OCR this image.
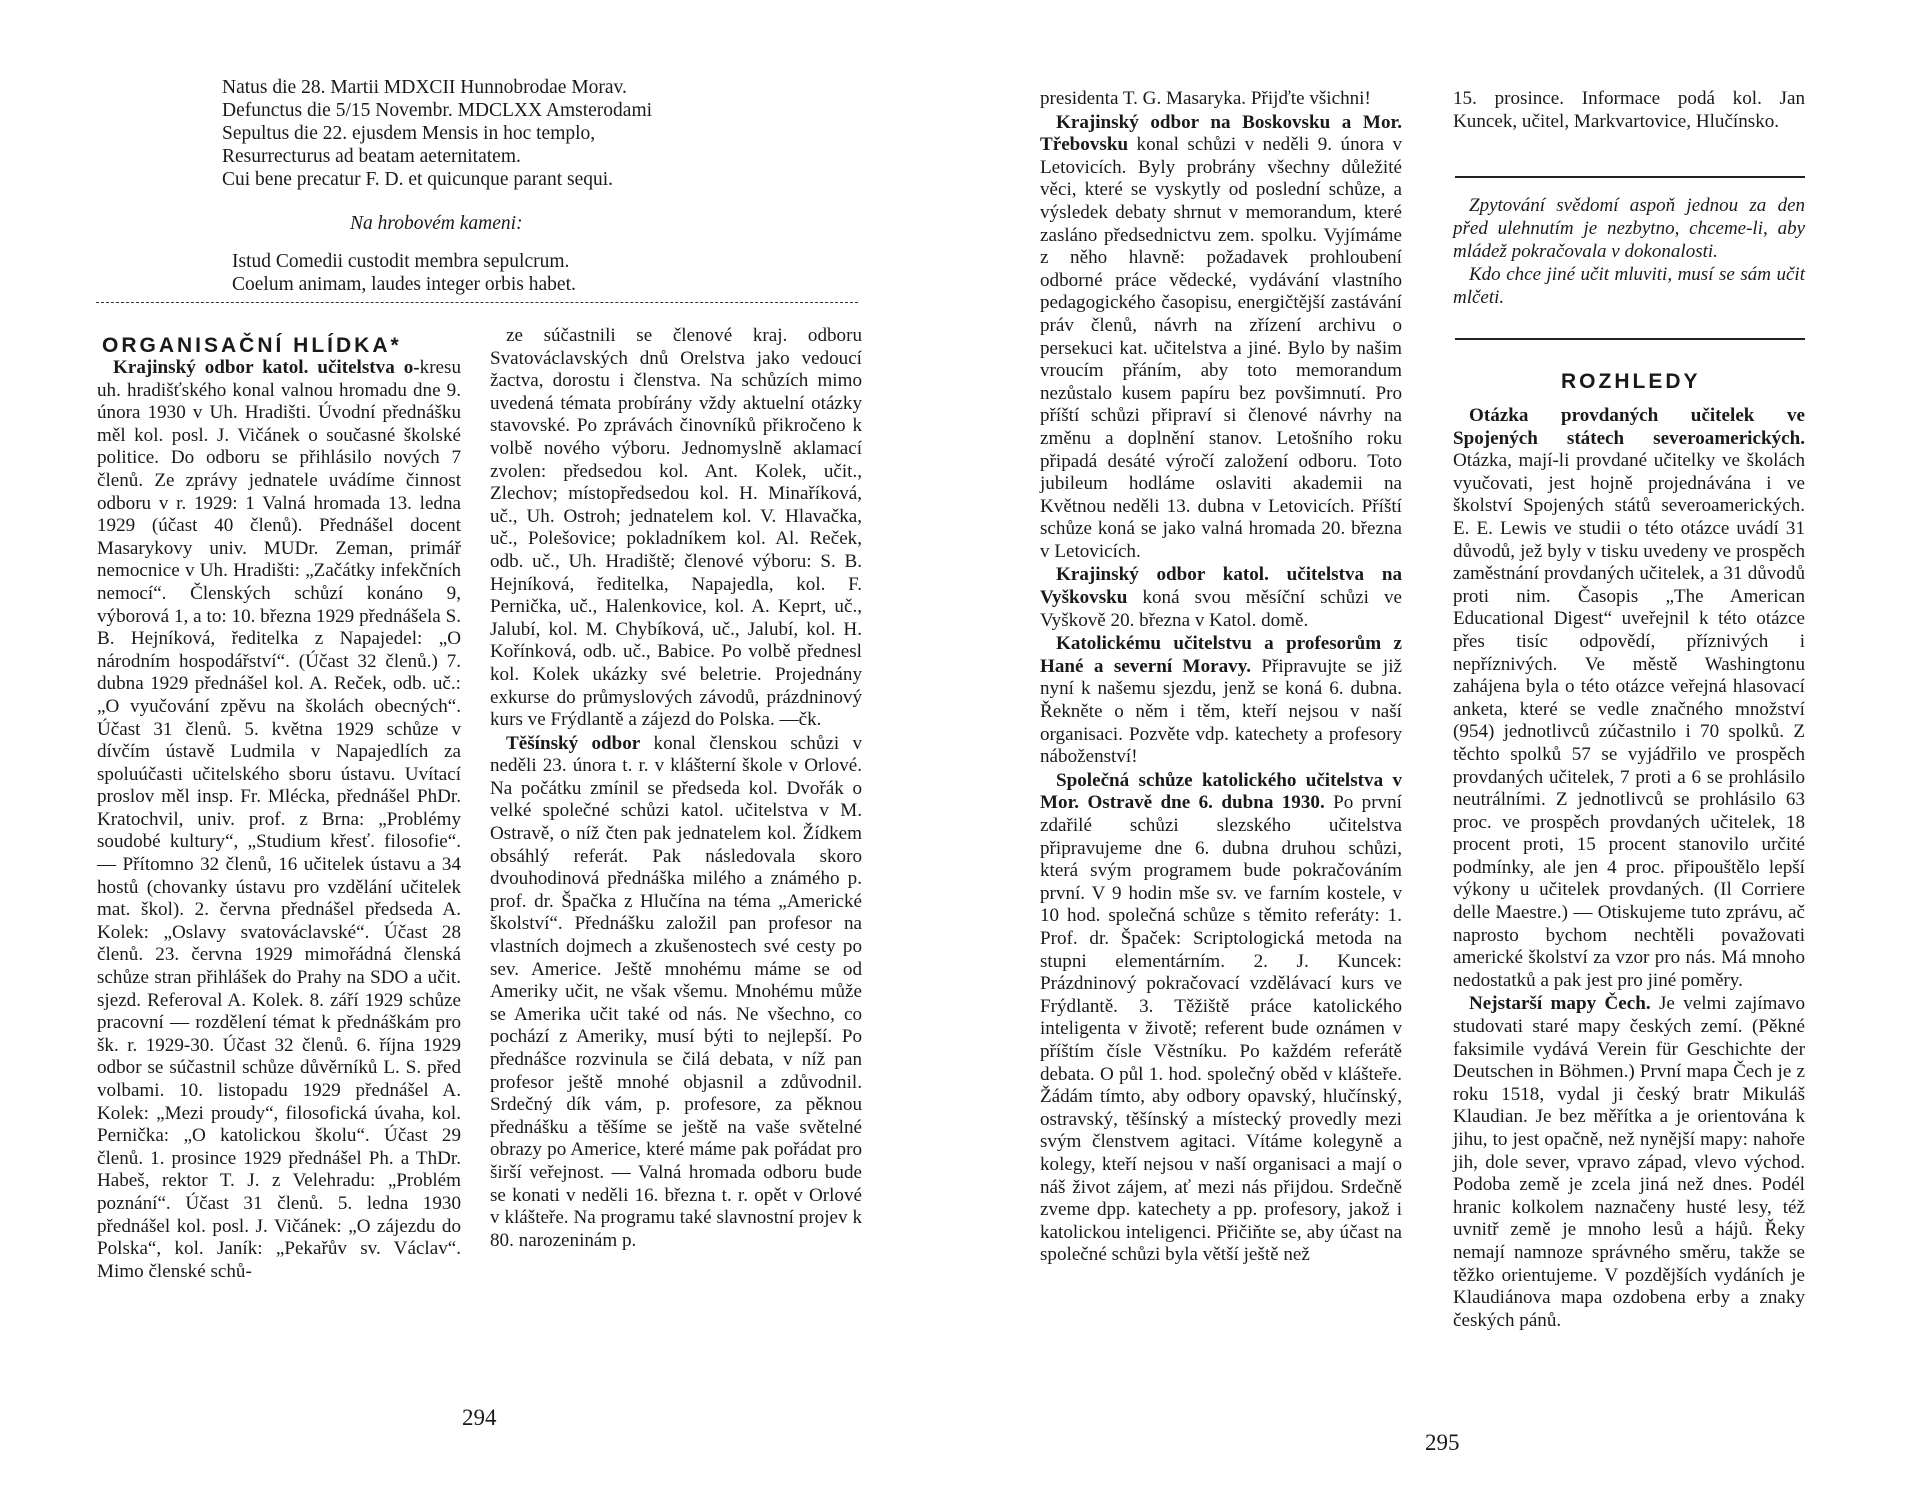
Natus die 28. Martii MDXCII Hunnobrodae Morav.
Defunctus die 5/15 Novembr. MDCLXX Amsterodami
Sepultus die 22. ejusdem Mensis in hoc templo,
Resurrecturus ad beatam aeternitatem.
Cui bene precatur F. D. et quicunque parant sequi.
Na hrobovém kameni:
Istud Comedii custodit membra sepulcrum.
Coelum animam, laudes integer orbis habet.
ORGANISAČNÍ HLÍDKA*

Krajinský odbor katol. učitelstva o-kresu uh. hradišťského konal valnou hromadu dne 9. února 1930 v Uh. Hradišti. Úvodní přednášku měl kol. posl. J. Vičánek o současné školské politice. Do odboru se přihlásilo nových 7 členů. Ze zprávy jednatele uvádíme činnost odboru v r. 1929: 1 Valná hromada 13. ledna 1929 (účast 40 členů). Přednášel docent Masarykovy univ. MUDr. Zeman, primář nemocnice v Uh. Hradišti: „Začátky infekčních nemocí“. Členských schůzí konáno 9, výborová 1, a to: 10. března 1929 přednášela S. B. Hejníková, ředitelka z Napajedel: „O národním hospodářství“. (Účast 32 členů.) 7. dubna 1929 přednášel kol. A. Reček, odb. uč.: „O vyučování zpěvu na školách obecných“. Účast 31 členů. 5. května 1929 schůze v dívčím ústavě Ludmila v Napajedlích za spoluúčasti učitelského sboru ústavu. Uvítací proslov měl insp. Fr. Mlécka, přednášel PhDr. Kratochvil, univ. prof. z Brna: „Problémy soudobé kultury“, „Studium křesť. filosofie“. — Přítomno 32 členů, 16 učitelek ústavu a 34 hostů (chovanky ústavu pro vzdělání učitelek mat. škol). 2. června přednášel předseda A. Kolek: „Oslavy svatováclavské“. Účast 28 členů. 23. června 1929 mimořádná členská schůze stran přihlášek do Prahy na SDO a učit. sjezd. Referoval A. Kolek. 8. září 1929 schůze pracovní — rozdělení témat k přednáškám pro šk. r. 1929-30. Účast 32 členů. 6. října 1929 odbor se súčastnil schůze důvěrníků L. S. před volbami. 10. listopadu 1929 přednášel A. Kolek: „Mezi proudy“, filosofická úvaha, kol. Pernička: „O katolickou školu“. Účast 29 členů. 1. prosince 1929 přednášel Ph. a ThDr. Habeš, rektor T. J. z Velehradu: „Problém poznání“. Účast 31 členů. 5. ledna 1930 přednášel kol. posl. J. Vičánek: „O zájezdu do Polska“, kol. Janík: „Pekařův sv. Václav“. Mimo členské schů-

ze súčastnili se členové kraj. odboru Svatováclavských dnů Orelstva jako vedoucí žactva, dorostu i členstva. Na schůzích mimo uvedená témata probírány vždy aktuelní otázky stavovské. Po zprávách činovníků přikročeno k volbě nového výboru. Jednomyslně aklamací zvolen: předsedou kol. Ant. Kolek, učit., Zlechov; místopředsedou kol. H. Minaříková, uč., Uh. Ostroh; jednatelem kol. V. Hlavačka, uč., Polešovice; pokladníkem kol. Al. Reček, odb. uč., Uh. Hradiště; členové výboru: S. B. Hejníková, ředitelka, Napajedla, kol. F. Pernička, uč., Halenkovice, kol. A. Keprt, uč., Jalubí, kol. M. Chybíková, uč., Jalubí, kol. H. Kořínková, odb. uč., Babice. Po volbě přednesl kol. Kolek ukázky své beletrie. Projednány exkurse do průmyslových závodů, prázdninový kurs ve Frýdlantě a zájezd do Polska. —čk.

Těšínský odbor konal členskou schůzi v neděli 23. února t. r. v klášterní škole v Orlové. Na počátku zmínil se předseda kol. Dvořák o velké společné schůzi katol. učitelstva v M. Ostravě, o níž čten pak jednatelem kol. Žídkem obsáhlý referát. Pak následovala skoro dvouhodinová přednáška milého a známého p. prof. dr. Špačka z Hlučína na téma „Americké školství“. Přednášku založil pan profesor na vlastních dojmech a zkušenostech své cesty po sev. Americe. Ještě mnohému máme se od Ameriky učit, ne však všemu. Mnohému může se Amerika učit také od nás. Ne všechno, co pochází z Ameriky, musí býti to nejlepší. Po přednášce rozvinula se čilá debata, v níž pan profesor ještě mnohé objasnil a zdůvodnil. Srdečný dík vám, p. profesore, za pěknou přednášku a těšíme se ještě na vaše světelné obrazy po Americe, které máme pak pořádat pro širší veřejnost. — Valná hromada odboru bude se konati v neděli 16. března t. r. opět v Orlové v klášteře. Na programu také slavnostní projev k 80. narozeninám p.

294

presidenta T. G. Masaryka. Přijďte všichni!

Krajinský odbor na Boskovsku a Mor. Třebovsku konal schůzi v neděli 9. února v Letovicích. Byly probrány všechny důležité věci, které se vyskytly od poslední schůze, a výsledek debaty shrnut v memorandum, které zasláno předsednictvu zem. spolku. Vyjímáme z něho hlavně: požadavek prohloubení odborné práce vědecké, vydávání vlastního pedagogického časopisu, energičtější zastávání práv členů, návrh na zřízení archivu o persekuci kat. učitelstva a jiné. Bylo by našim vroucím přáním, aby toto memorandum nezůstalo kusem papíru bez povšimnutí. Pro příští schůzi připraví si členové návrhy na změnu a doplnění stanov. Letošního roku připadá desáté výročí založení odboru. Toto jubileum hodláme oslaviti akademii na Květnou neděli 13. dubna v Letovicích. Příští schůze koná se jako valná hromada 20. března v Letovicích.

Krajinský odbor katol. učitelstva na Vyškovsku koná svou měsíční schůzi ve Vyškově 20. března v Katol. domě.

Katolickému učitelstvu a profesorům z Hané a severní Moravy. Připravujte se již nyní k našemu sjezdu, jenž se koná 6. dubna. Řekněte o něm i těm, kteří nejsou v naší organisaci. Pozvěte vdp. katechety a profesory náboženství!

Společná schůze katolického učitelstva v Mor. Ostravě dne 6. dubna 1930. Po první zdařilé schůzi slezského učitelstva připravujeme dne 6. dubna druhou schůzi, která svým programem bude pokračováním první. V 9 hodin mše sv. ve farním kostele, v 10 hod. společná schůze s těmito referáty: 1. Prof. dr. Špaček: Scriptologická metoda na stupni elementárním. 2. J. Kuncek: Prázdninový pokračovací vzdělávací kurs ve Frýdlantě. 3. Těžiště práce katolického inteligenta v životě; referent bude oznámen v příštím čísle Věstníku. Po každém referátě debata. O půl 1. hod. společný oběd v klášteře. Žádám tímto, aby odbory opavský, hlučínský, ostravský, těšínský a místecký provedly mezi svým členstvem agitaci. Vítáme kolegyně a kolegy, kteří nejsou v naší organisaci a mají o náš život zájem, ať mezi nás přijdou. Srdečně zveme dpp. katechety a pp. profesory, jakož i katolickou inteligenci. Přičiňte se, aby účast na společné schůzi byla větší ještě než

15. prosince. Informace podá kol. Jan Kuncek, učitel, Markvartovice, Hlučínsko.

Zpytování svědomí aspoň jednou za den před ulehnutím je nezbytno, chceme-li, aby mládež pokračovala v dokonalosti.

Kdo chce jiné učit mluviti, musí se sám učit mlčeti.

ROZHLEDY

Otázka provdaných učitelek ve Spojených státech severoamerických. Otázka, mají-li provdané učitelky ve školách vyučovati, jest hojně projednávána i ve školství Spojených států severoamerických. E. E. Lewis ve studii o této otázce uvádí 31 důvodů, jež byly v tisku uvedeny ve prospěch zaměstnání provdaných učitelek, a 31 důvodů proti nim. Časopis „The American Educational Digest“ uveřejnil k této otázce přes tisíc odpovědí, příznivých i nepříznivých. Ve městě Washingtonu zahájena byla o této otázce veřejná hlasovací anketa, které se vedle značného množství (954) jednotlivců zúčastnilo i 70 spolků. Z těchto spolků 57 se vyjádřilo ve prospěch provdaných učitelek, 7 proti a 6 se prohlásilo neutrálními. Z jednotlivců se prohlásilo 63 proc. ve prospěch provdaných učitelek, 18 procent proti, 15 procent stanovilo určité podmínky, ale jen 4 proc. připouštělo lepší výkony u učitelek provdaných. (Il Corriere delle Maestre.) — Otiskujeme tuto zprávu, ač naprosto bychom nechtěli považovati americké školství za vzor pro nás. Má mnoho nedostatků a pak jest pro jiné poměry.

Nejstarší mapy Čech. Je velmi zajímavo studovati staré mapy českých zemí. (Pěkné faksimile vydává Verein für Geschichte der Deutschen in Böhmen.) První mapa Čech je z roku 1518, vydal ji český bratr Mikuláš Klaudian. Je bez měřítka a je orientována k jihu, to jest opačně, než nynější mapy: nahoře jih, dole sever, vpravo západ, vlevo východ. Podoba země je zcela jiná než dnes. Podél hranic kolkolem naznačeny husté lesy, též uvnitř země je mnoho lesů a hájů. Řeky nemají namnoze správného směru, takže se těžko orientujeme. V pozdějších vydáních je Klaudiánova mapa ozdobena erby a znaky českých pánů.

295
